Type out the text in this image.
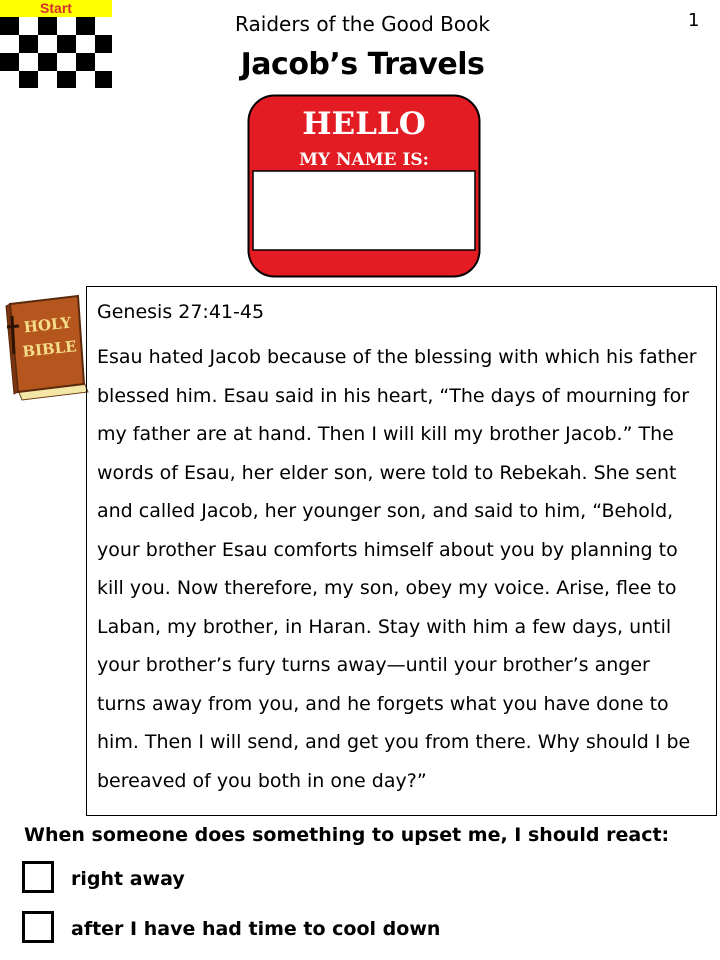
Start
Raiders of the Good Book	1
Jacob’s Travels
HELLO
MY NAME IS:
HOLY
BIBLE
Genesis 27:41-45
Esau hated Jacob because of the blessing with which his father
blessed him. Esau said in his heart, “The days of mourning for
my father are at hand. Then I will kill my brother Jacob.” The
words of Esau, her elder son, were told to Rebekah. She sent
and called Jacob, her younger son, and said to him, “Behold,
your brother Esau comforts himself about you by planning to
kill you. Now therefore, my son, obey my voice. Arise, flee to
Laban, my brother, in Haran. Stay with him a few days, until
your brother’s fury turns away—until your brother’s anger
turns away from you, and he forgets what you have done to
him. Then I will send, and get you from there. Why should I be
bereaved of you both in one day?”
When someone does something to upset me, I should react:
right away
after I have had time to cool down
